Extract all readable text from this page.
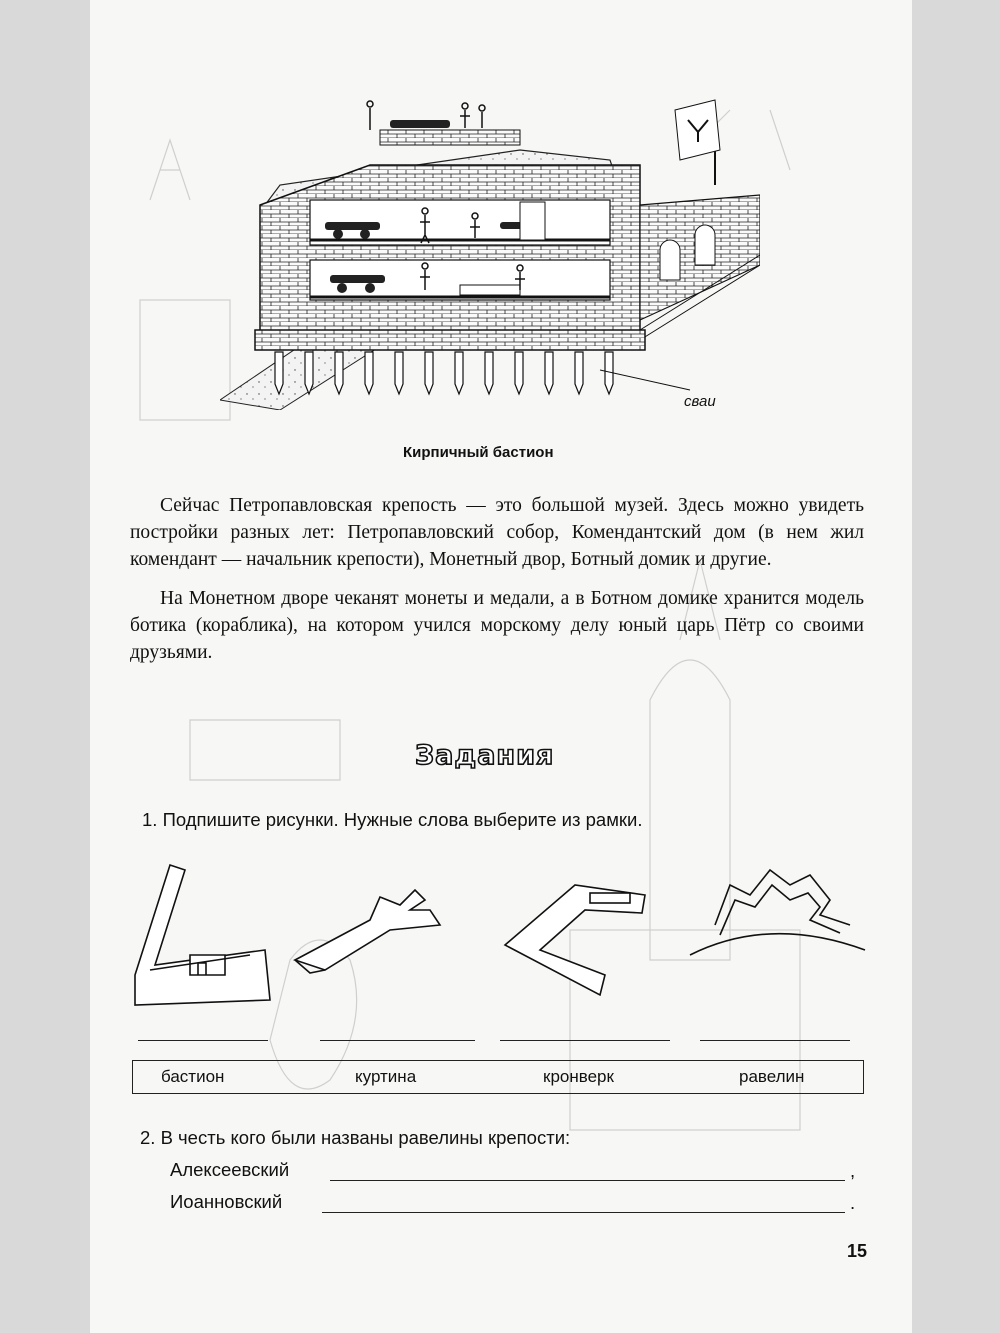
сваи
Кирпичный бастион

Сейчас Петропавловская крепость — это большой музей. Здесь можно увидеть постройки разных лет: Петропавловский собор, Комендантский дом (в нем жил комендант — начальник крепости), Монетный двор, Ботный домик и другие.

На Монетном дворе чеканят монеты и медали, а в Ботном домике хранится модель ботика (кораблика), на котором учился морскому делу юный царь Пётр со своими друзьями.

Задания
1. Подпишите рисунки. Нужные слова выберите из рамки.
бастион	куртина	кронверк	равелин
2. В честь кого были названы равелины крепости:
Алексеевский	,
Иоанновский	.
15
